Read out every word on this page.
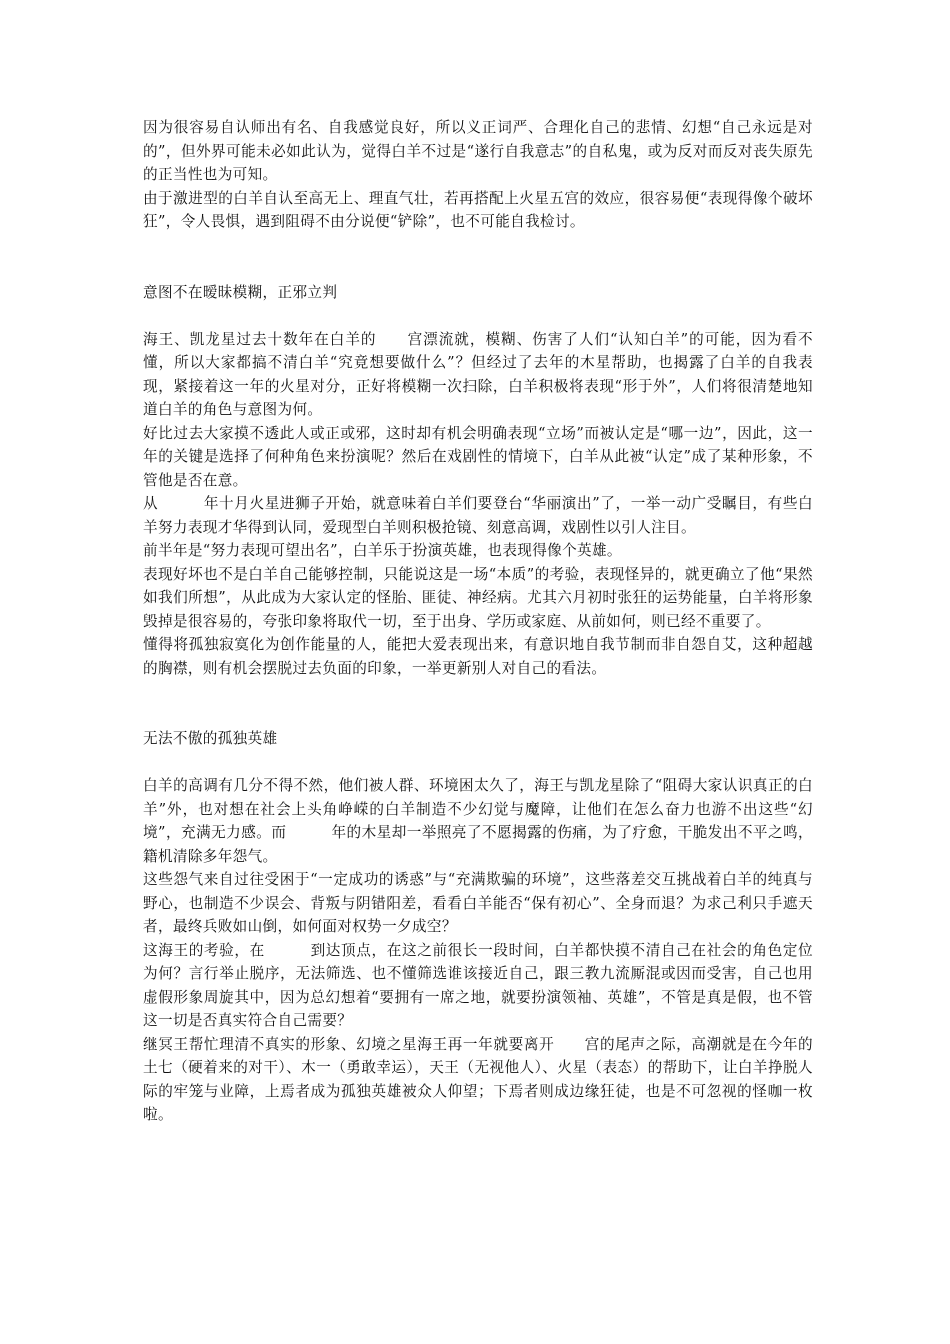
因为很容易自认师出有名、自我感觉良好，所以义正词严、合理化自己的悲情、幻想“自己永远是对的”，但外界可能未必如此认为，觉得白羊不过是“遂行自我意志”的自私鬼，或为反对而反对丧失原先的正当性也为可知。

由于激进型的白羊自认至高无上、理直气壮，若再搭配上火星五宫的效应，很容易便“表现得像个破坏狂”，令人畏惧，遇到阻碍不由分说便“铲除”，也不可能自我检讨。

意图不在暧昧模糊，正邪立判

海王、凯龙星过去十数年在白羊的　　宫漂流就，模糊、伤害了人们“认知白羊”的可能，因为看不懂，所以大家都搞不清白羊“究竟想要做什么”？但经过了去年的木星帮助，也揭露了白羊的自我表现，紧接着这一年的火星对分，正好将模糊一次扫除，白羊积极将表现“形于外”，人们将很清楚地知道白羊的角色与意图为何。

好比过去大家摸不透此人或正或邪，这时却有机会明确表现“立场”而被认定是“哪一边”，因此，这一年的关键是选择了何种角色来扮演呢？然后在戏剧性的情境下，白羊从此被“认定”成了某种形象，不管他是否在意。

从　　　年十月火星进狮子开始，就意味着白羊们要登台“华丽演出”了，一举一动广受瞩目，有些白羊努力表现才华得到认同，爱现型白羊则积极抢镜、刻意高调，戏剧性以引人注目。

前半年是“努力表现可望出名”，白羊乐于扮演英雄，也表现得像个英雄。

表现好坏也不是白羊自己能够控制，只能说这是一场“本质”的考验，表现怪异的，就更确立了他“果然如我们所想”，从此成为大家认定的怪胎、匪徒、神经病。尤其六月初时张狂的运势能量，白羊将形象毁掉是很容易的，夸张印象将取代一切，至于出身、学历或家庭、从前如何，则已经不重要了。

懂得将孤独寂寞化为创作能量的人，能把大爱表现出来，有意识地自我节制而非自怨自艾，这种超越的胸襟，则有机会摆脱过去负面的印象，一举更新别人对自己的看法。

无法不傲的孤独英雄

白羊的高调有几分不得不然，他们被人群、环境困太久了，海王与凯龙星除了“阻碍大家认识真正的白羊”外，也对想在社会上头角峥嵘的白羊制造不少幻觉与魔障，让他们在怎么奋力也游不出这些“幻境”，充满无力感。而　　　年的木星却一举照亮了不愿揭露的伤痛，为了疗愈，干脆发出不平之鸣，籍机清除多年怨气。

这些怨气来自过往受困于“一定成功的诱惑”与“充满欺骗的环境”，这些落差交互挑战着白羊的纯真与野心，也制造不少误会、背叛与阴错阳差，看看白羊能否“保有初心”、全身而退？为求己利只手遮天者，最终兵败如山倒，如何面对权势一夕成空？

这海王的考验，在　　　到达顶点，在这之前很长一段时间，白羊都快摸不清自己在社会的角色定位为何？言行举止脱序，无法筛选、也不懂筛选谁该接近自己，跟三教九流厮混或因而受害，自己也用虚假形象周旋其中，因为总幻想着“要拥有一席之地，就要扮演领袖、英雄”，不管是真是假，也不管这一切是否真实符合自己需要？

继冥王帮忙理清不真实的形象、幻境之星海王再一年就要离开　　宫的尾声之际，高潮就是在今年的土七（硬着来的对干）、木一（勇敢幸运），天王（无视他人）、火星（表态）的帮助下，让白羊挣脱人际的牢笼与业障，上焉者成为孤独英雄被众人仰望；下焉者则成边缘狂徒，也是不可忽视的怪咖一枚啦。
